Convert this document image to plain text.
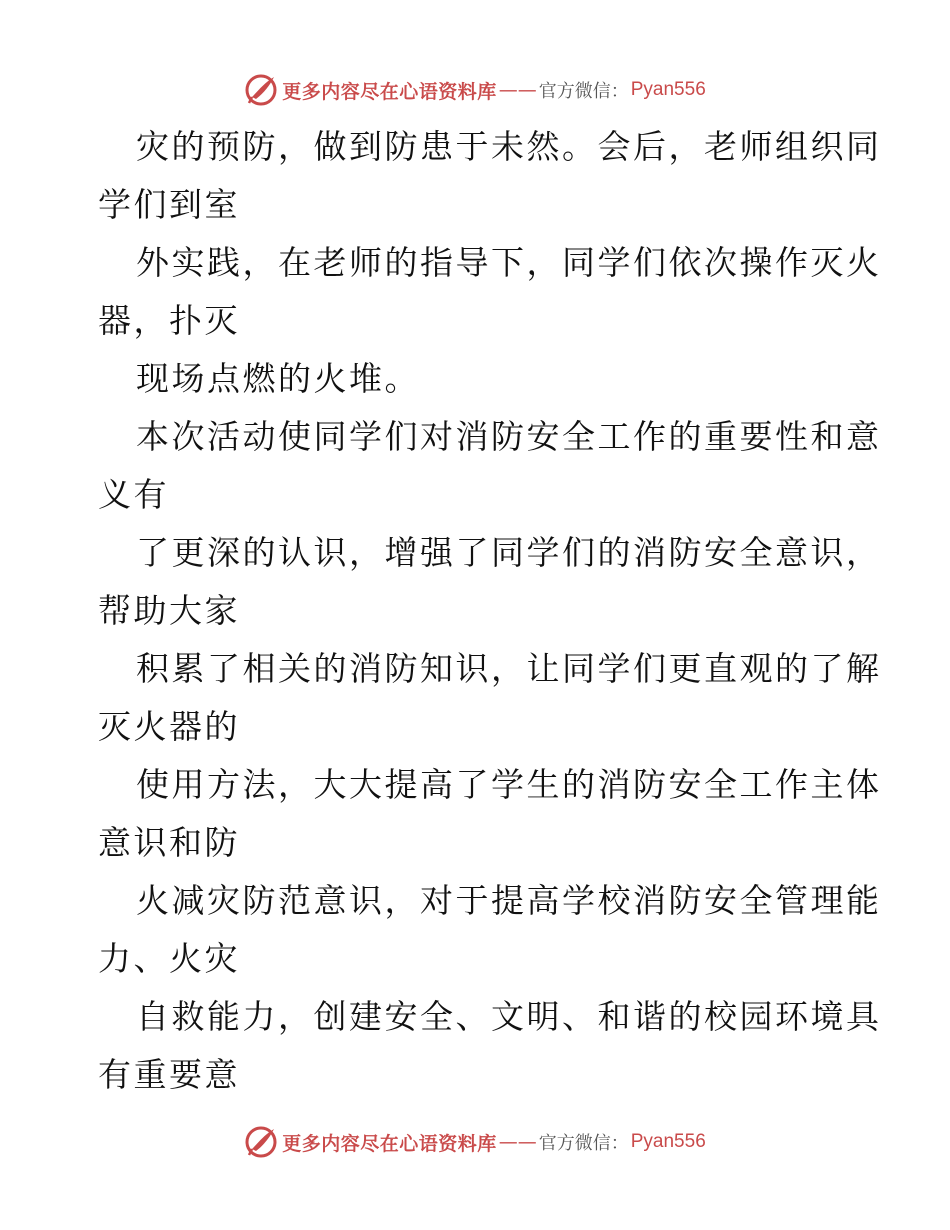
更多内容尽在心语资料库 —— 官方微信： Pyan556
灾的预防，做到防患于未然。会后，老师组织同
学们到室
外实践，在老师的指导下，同学们依次操作灭火
器，扑灭
现场点燃的火堆。
本次活动使同学们对消防安全工作的重要性和意
义有
了更深的认识，增强了同学们的消防安全意识，
帮助大家
积累了相关的消防知识，让同学们更直观的了解
灭火器的
使用方法，大大提高了学生的消防安全工作主体
意识和防
火减灾防范意识，对于提高学校消防安全管理能
力、火灾
自救能力，创建安全、文明、和谐的校园环境具
有重要意
更多内容尽在心语资料库 —— 官方微信： Pyan556
